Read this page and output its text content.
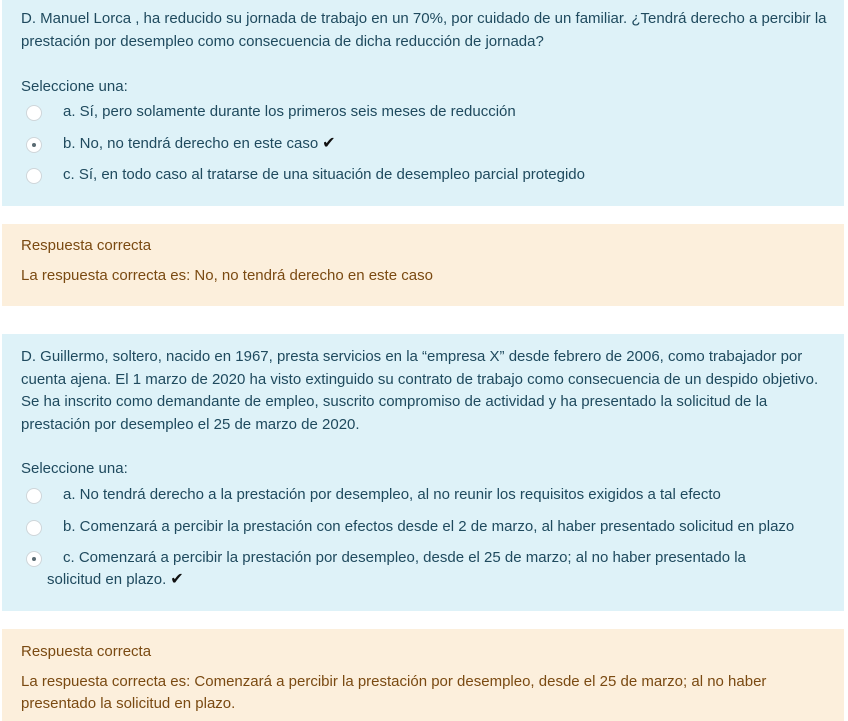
D. Manuel Lorca , ha reducido su jornada de trabajo en un 70%, por cuidado de un familiar. ¿Tendrá derecho a percibir la prestación por desempleo como consecuencia de dicha reducción de jornada?
Seleccione una:
a. Sí, pero solamente durante los primeros seis meses de reducción
b. No, no tendrá derecho en este caso ✔
c. Sí, en todo caso al tratarse de una situación de desempleo parcial protegido
Respuesta correcta
La respuesta correcta es: No, no tendrá derecho en este caso
D. Guillermo, soltero, nacido en 1967, presta servicios en la “empresa X” desde febrero de 2006, como trabajador por cuenta ajena. El 1 marzo de 2020 ha visto extinguido su contrato de trabajo como consecuencia de un despido objetivo. Se ha inscrito como demandante de empleo, suscrito compromiso de actividad y ha presentado la solicitud de la prestación por desempleo el 25 de marzo de 2020.
Seleccione una:
a. No tendrá derecho a la prestación por desempleo, al no reunir los requisitos exigidos a tal efecto
b. Comenzará a percibir la prestación con efectos desde el 2 de marzo, al haber presentado solicitud en plazo
c. Comenzará a percibir la prestación por desempleo, desde el 25 de marzo; al no haber presentado la
solicitud en plazo. ✔
Respuesta correcta
La respuesta correcta es: Comenzará a percibir la prestación por desempleo, desde el 25 de marzo; al no haber presentado la solicitud en plazo.
